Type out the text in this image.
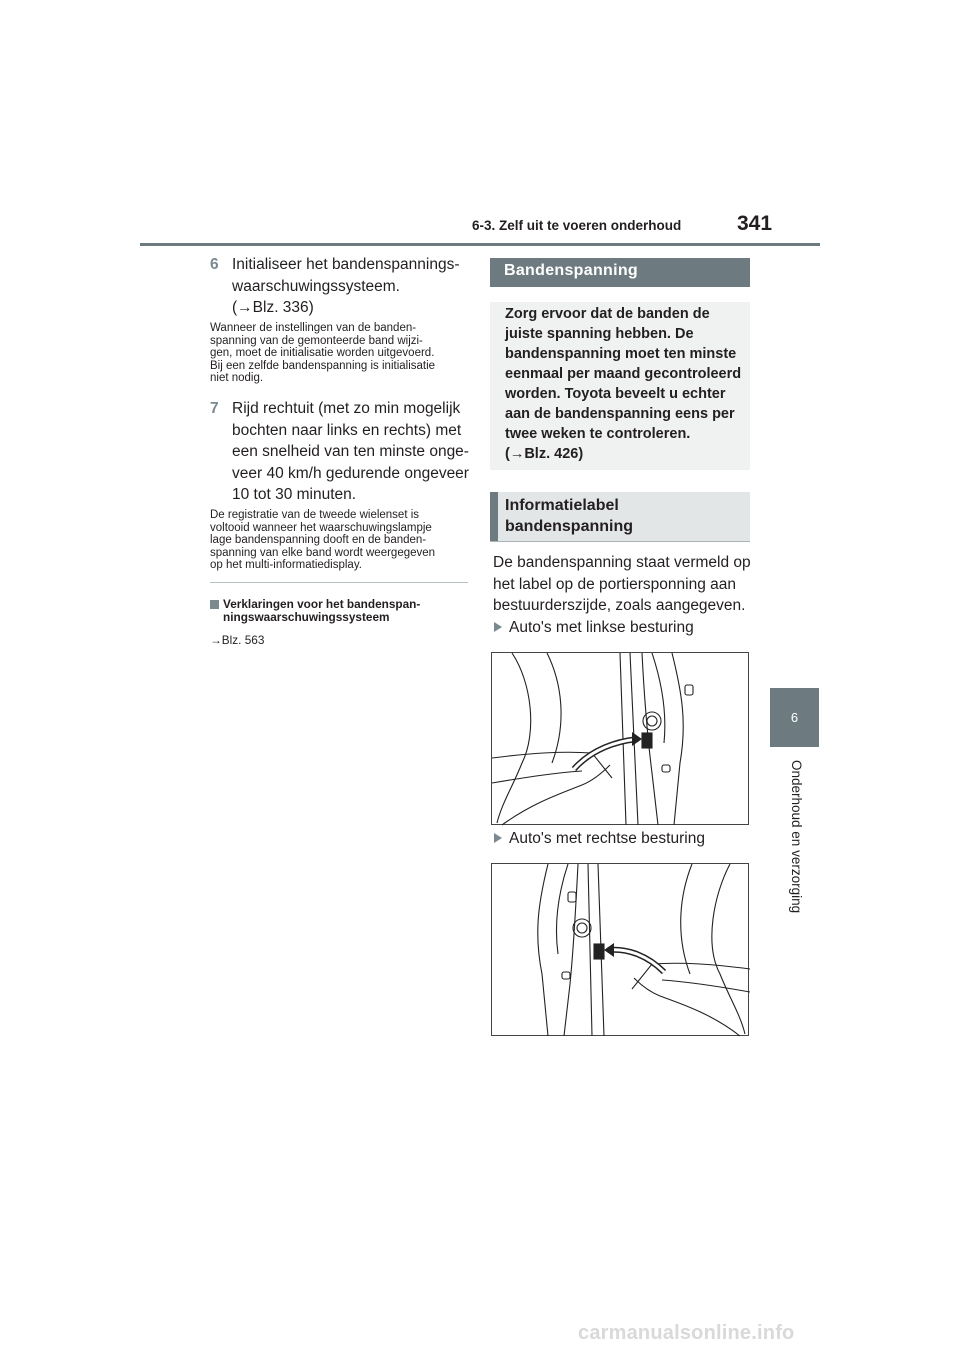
6-3. Zelf uit te voeren onderhoud	341
6
Onderhoud en verzorging
6 Initialiseer het bandenspannings-
waarschuwingssysteem.
(→Blz. 336)
Wanneer de instellingen van de banden-
spanning van de gemonteerde band wijzi-
gen, moet de initialisatie worden uitgevoerd.
Bij een zelfde bandenspanning is initialisatie
niet nodig.
7 Rijd rechtuit (met zo min mogelijk
bochten naar links en rechts) met
een snelheid van ten minste onge-
veer 40 km/h gedurende ongeveer
10 tot 30 minuten.
De registratie van de tweede wielenset is
voltooid wanneer het waarschuwingslampje
lage bandenspanning dooft en de banden-
spanning van elke band wordt weergegeven
op het multi-informatiedisplay.
Verklaringen voor het bandenspan-
ningswaarschuwingssysteem
→Blz. 563
Bandenspanning
Zorg ervoor dat de banden de
juiste spanning hebben. De
bandenspanning moet ten minste
eenmaal per maand gecontroleerd
worden. Toyota beveelt u echter
aan de bandenspanning eens per
twee weken te controleren.
(→Blz. 426)
Informatielabel
bandenspanning
De bandenspanning staat vermeld op
het label op de portiersponning aan
bestuurderszijde, zoals aangegeven.
Auto's met linkse besturing
Auto's met rechtse besturing
carmanualsonline.info
